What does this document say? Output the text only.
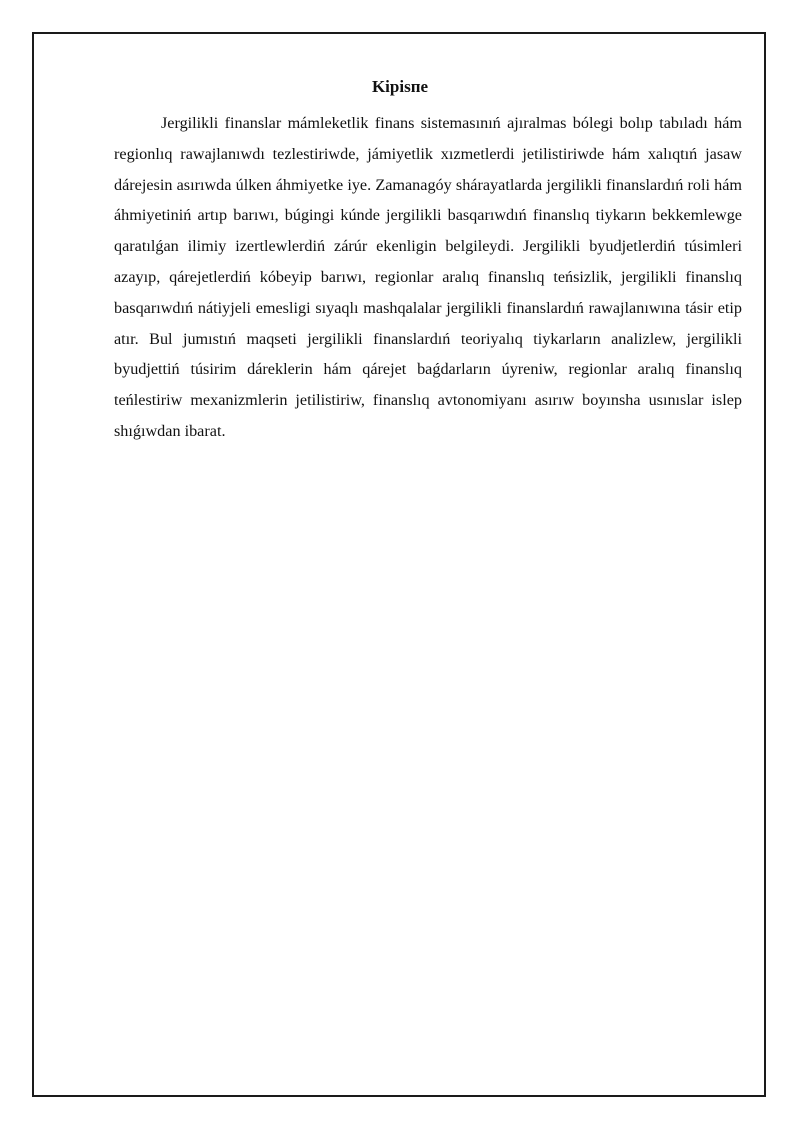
Kipisпе

Jergilikli finanslar mámleketlik finans sistemasınıń ajıralmas bólegi bolıp tabıladı hám regionlıq rawajlanıwdı tezlestiriwde, jámiyetlik xızmetlerdi jetilistiriwde hám xalıqtıń jasaw dárejesin asırıwda úlken áhmiyetke iye. Zamanagóy shárayatlarda jergilikli finanslardıń roli hám áhmiyetiniń artıp barıwı, búgingi kúnde jergilikli basqarıwdıń finanslıq tiykarın bekkemlewge qaratılǵan ilimiy izertlewlerdiń zárúr ekenligin belgileydi. Jergilikli byudjetlerdiń túsimleri azayıp, qárejetlerdiń kóbeyip barıwı, regionlar aralıq finanslıq teńsizlik, jergilikli finanslıq basqarıwdıń nátiyjeli emesligi sıyaqlı mashqalalar jergilikli finanslardıń rawajlanıwına tásir etip atır. Bul jumıstıń maqseti jergilikli finanslardıń teoriyalıq tiykarların analizlew, jergilikli byudjettiń túsirim dáreklerin hám qárejet baǵdarların úyreniw, regionlar aralıq finanslıq teńlestiriw mexanizmlerin jetilistiriw, finanslıq avtonomiyanı asırıw boyınsha usınıslar islep shıǵıwdan ibarat.
